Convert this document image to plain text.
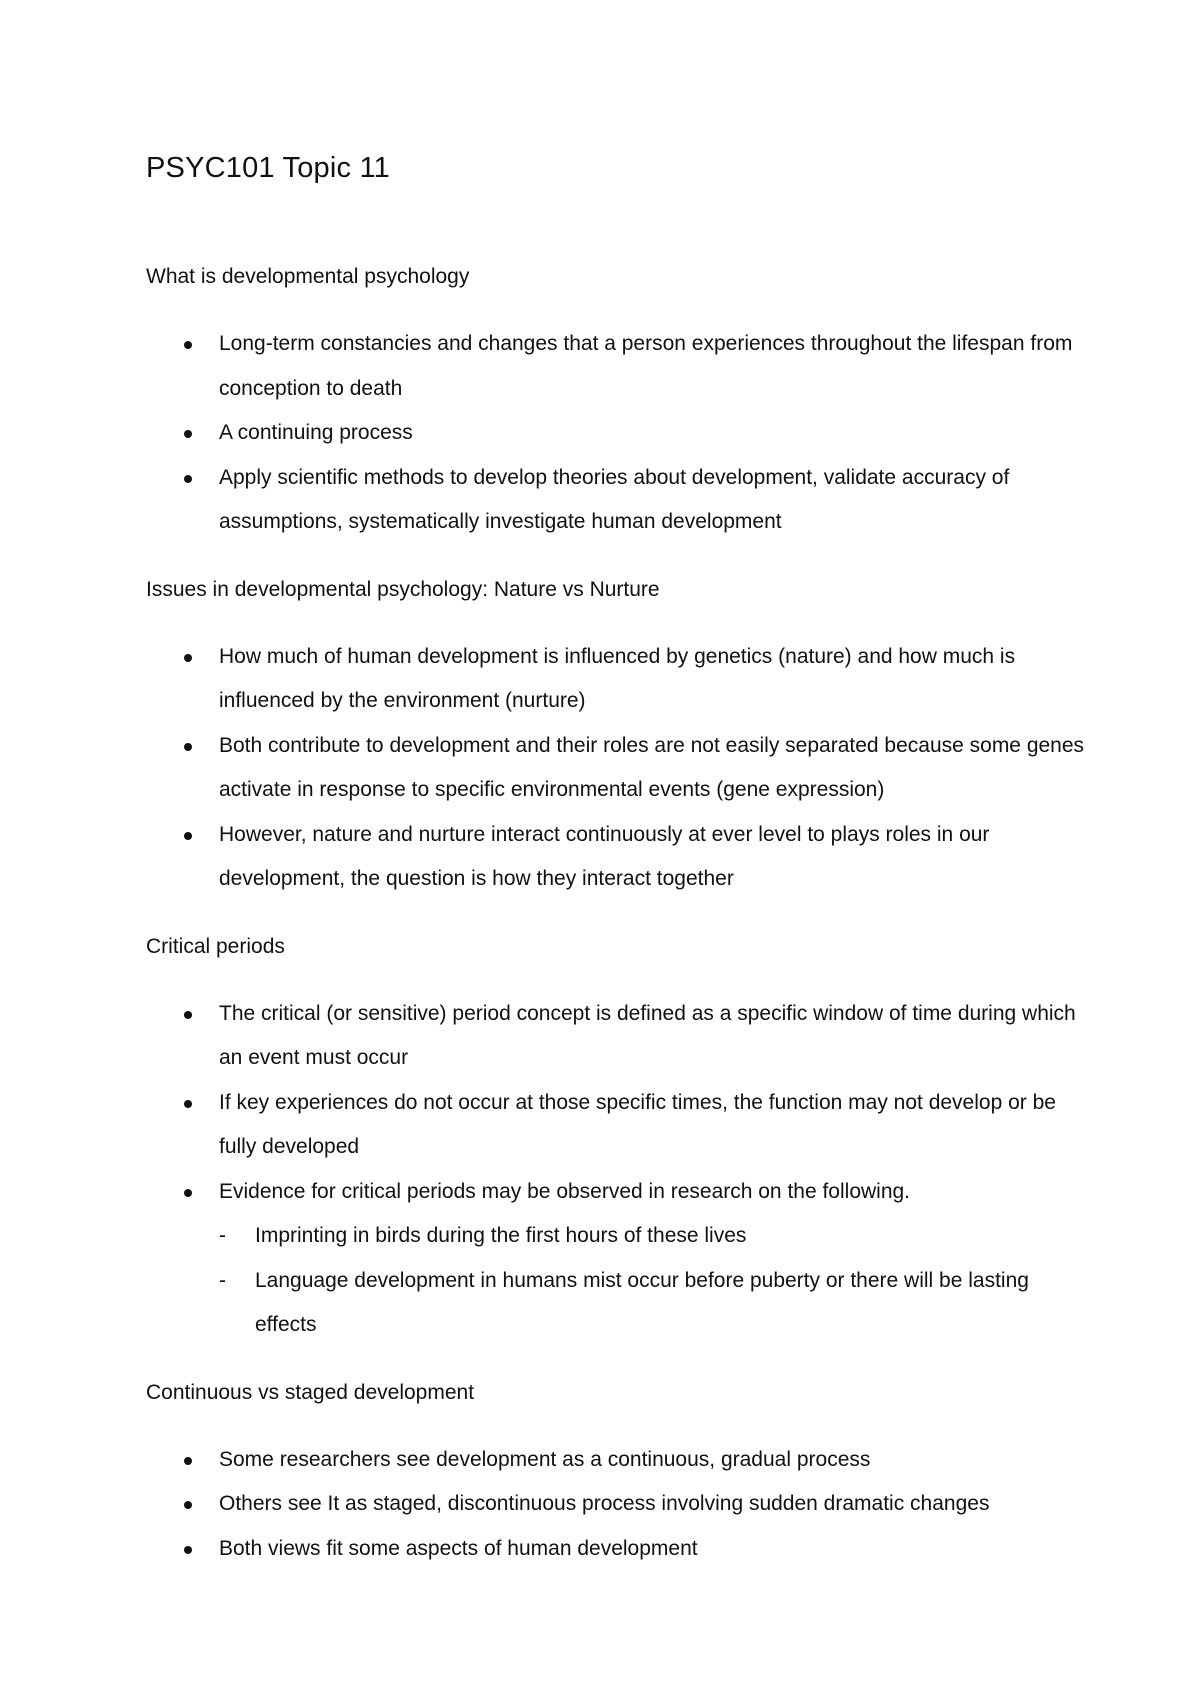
PSYC101 Topic 11
What is developmental psychology
Long-term constancies and changes that a person experiences throughout the lifespan from conception to death
A continuing process
Apply scientific methods to develop theories about development, validate accuracy of assumptions, systematically investigate human development
Issues in developmental psychology: Nature vs Nurture
How much of human development is influenced by genetics (nature) and how much is influenced by the environment (nurture)
Both contribute to development and their roles are not easily separated because some genes activate in response to specific environmental events (gene expression)
However, nature and nurture interact continuously at ever level to plays roles in our development, the question is how they interact together
Critical periods
The critical (or sensitive) period concept is defined as a specific window of time during which an event must occur
If key experiences do not occur at those specific times, the function may not develop or be fully developed
Evidence for critical periods may be observed in research on the following.
- Imprinting in birds during the first hours of these lives
- Language development in humans mist occur before puberty or there will be lasting effects
Continuous vs staged development
Some researchers see development as a continuous, gradual process
Others see It as staged, discontinuous process involving sudden dramatic changes
Both views fit some aspects of human development
